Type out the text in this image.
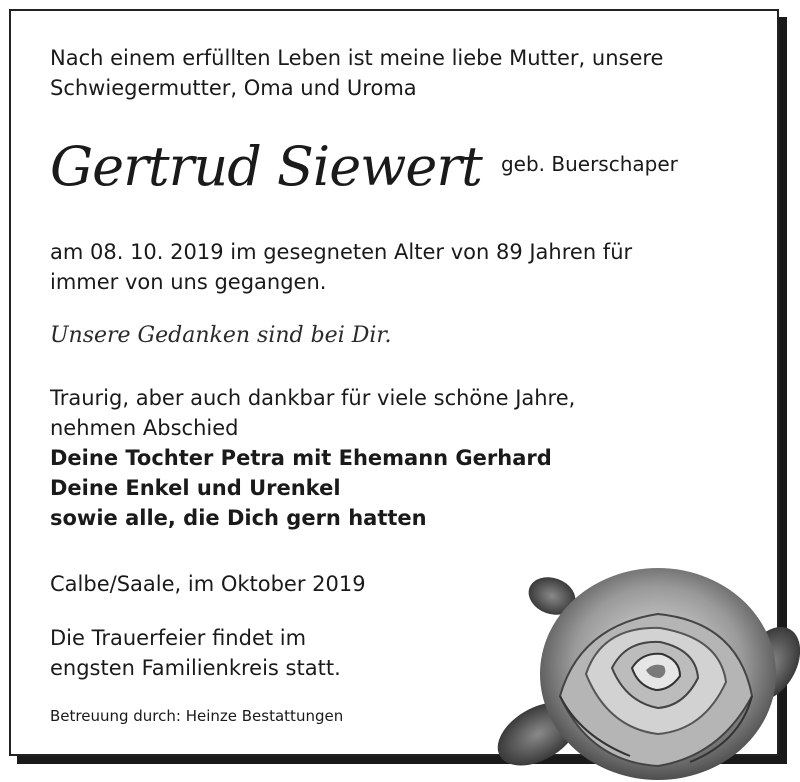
Nach einem erfüllten Leben ist meine liebe Mutter, unsere

Schwiegermutter, Oma und Uroma

Gertrud Siewert geb. Buerschaper

am 08. 10. 2019 im gesegneten Alter von 89 Jahren für

immer von uns gegangen.

Unsere Gedanken sind bei Dir.

Traurig, aber auch dankbar für viele schöne Jahre,

nehmen Abschied

Deine Tochter Petra mit Ehemann Gerhard

Deine Enkel und Urenkel

sowie alle, die Dich gern hatten

Calbe/Saale, im Oktober 2019

Die Trauerfeier findet im

engsten Familienkreis statt.

Betreuung durch: Heinze Bestattungen
